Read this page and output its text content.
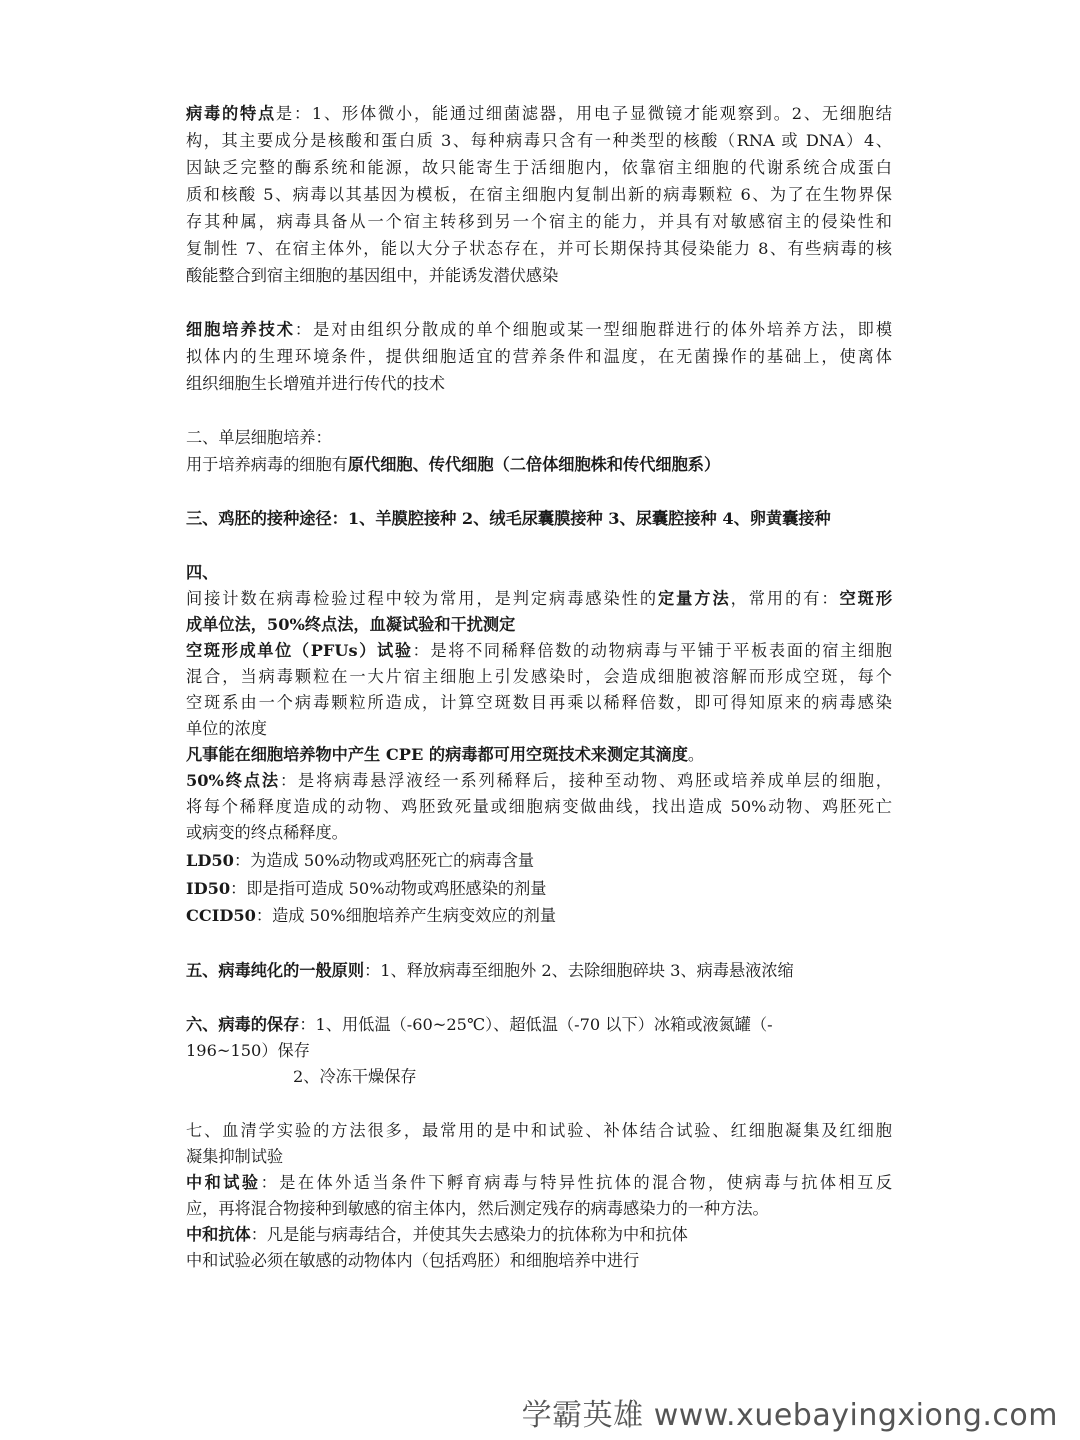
病毒的特点是：1、形体微小，能通过细菌滤器，用电子显微镜才能观察到。2、无细胞结
构，其主要成分是核酸和蛋白质 3、每种病毒只含有一种类型的核酸（RNA 或 DNA）4、
因缺乏完整的酶系统和能源，故只能寄生于活细胞内，依靠宿主细胞的代谢系统合成蛋白
质和核酸 5、病毒以其基因为模板，在宿主细胞内复制出新的病毒颗粒 6、为了在生物界保
存其种属，病毒具备从一个宿主转移到另一个宿主的能力，并具有对敏感宿主的侵染性和
复制性 7、在宿主体外，能以大分子状态存在，并可长期保持其侵染能力 8、有些病毒的核
酸能整合到宿主细胞的基因组中，并能诱发潜伏感染
细胞培养技术：是对由组织分散成的单个细胞或某一型细胞群进行的体外培养方法，即模
拟体内的生理环境条件，提供细胞适宜的营养条件和温度，在无菌操作的基础上，使离体
组织细胞生长增殖并进行传代的技术
二、单层细胞培养：
用于培养病毒的细胞有原代细胞、传代细胞（二倍体细胞株和传代细胞系）
三、鸡胚的接种途径：1、羊膜腔接种 2、绒毛尿囊膜接种 3、尿囊腔接种 4、卵黄囊接种
四、
间接计数在病毒检验过程中较为常用，是判定病毒感染性的定量方法，常用的有：空斑形
成单位法，50%终点法，血凝试验和干扰测定
空斑形成单位（PFUs）试验：是将不同稀释倍数的动物病毒与平铺于平板表面的宿主细胞
混合，当病毒颗粒在一大片宿主细胞上引发感染时，会造成细胞被溶解而形成空斑，每个
空斑系由一个病毒颗粒所造成，计算空斑数目再乘以稀释倍数，即可得知原来的病毒感染
单位的浓度
凡事能在细胞培养物中产生 CPE 的病毒都可用空斑技术来测定其滴度。
50%终点法：是将病毒悬浮液经一系列稀释后，接种至动物、鸡胚或培养成单层的细胞，
将每个稀释度造成的动物、鸡胚致死量或细胞病变做曲线，找出造成 50%动物、鸡胚死亡
或病变的终点稀释度。
LD50：为造成 50%动物或鸡胚死亡的病毒含量
ID50：即是指可造成 50%动物或鸡胚感染的剂量
CCID50：造成 50%细胞培养产生病变效应的剂量
五、病毒纯化的一般原则：1、释放病毒至细胞外 2、去除细胞碎块 3、病毒悬液浓缩
六、病毒的保存：1、用低温（-60~25℃）、超低温（-70 以下）冰箱或液氮罐（-
196~150）保存
2、冷冻干燥保存
七、血清学实验的方法很多，最常用的是中和试验、补体结合试验、红细胞凝集及红细胞
凝集抑制试验
中和试验：是在体外适当条件下孵育病毒与特异性抗体的混合物，使病毒与抗体相互反
应，再将混合物接种到敏感的宿主体内，然后测定残存的病毒感染力的一种方法。
中和抗体：凡是能与病毒结合，并使其失去感染力的抗体称为中和抗体
中和试验必须在敏感的动物体内（包括鸡胚）和细胞培养中进行
学霸英雄 www.xuebayingxiong.com
